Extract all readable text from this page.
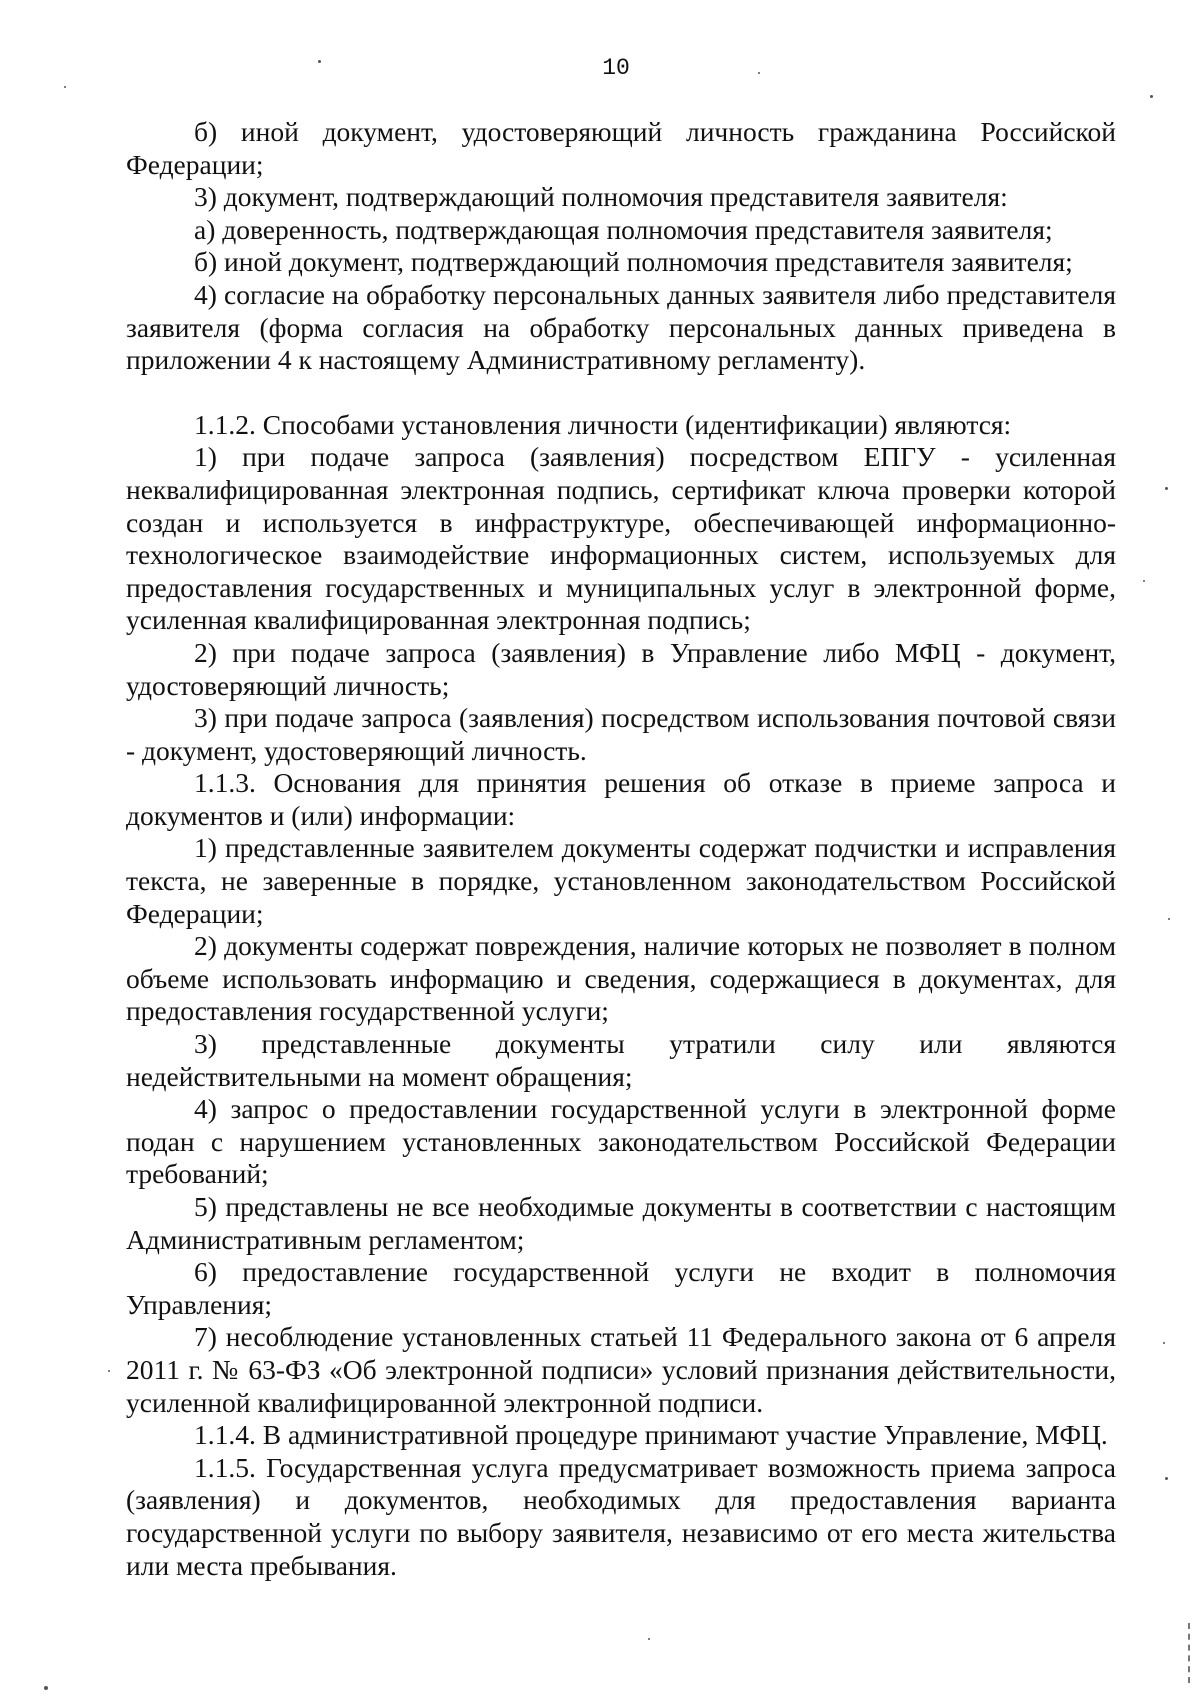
10

б) иной документ, удостоверяющий личность гражданина Российской Федерации;

3) документ, подтверждающий полномочия представителя заявителя:

а) доверенность, подтверждающая полномочия представителя заявителя;

б) иной документ, подтверждающий полномочия представителя заявителя;

4) согласие на обработку персональных данных заявителя либо представителя заявителя (форма согласия на обработку персональных данных приведена в приложении 4 к настоящему Административному регламенту).

1.1.2. Способами установления личности (идентификации) являются:

1) при подаче запроса (заявления) посредством ЕПГУ - усиленная неквалифицированная электронная подпись, сертификат ключа проверки которой создан и используется в инфраструктуре, обеспечивающей информационно-технологическое взаимодействие информационных систем, используемых для предоставления государственных и муниципальных услуг в электронной форме, усиленная квалифицированная электронная подпись;

2) при подаче запроса (заявления) в Управление либо МФЦ - документ, удостоверяющий личность;

3) при подаче запроса (заявления) посредством использования почтовой связи - документ, удостоверяющий личность.

1.1.3. Основания для принятия решения об отказе в приеме запроса и документов и (или) информации:

1) представленные заявителем документы содержат подчистки и исправления текста, не заверенные в порядке, установленном законодательством Российской Федерации;

2) документы содержат повреждения, наличие которых не позволяет в полном объеме использовать информацию и сведения, содержащиеся в документах, для предоставления государственной услуги;

3) представленные документы утратили силу или являются недействительными на момент обращения;

4) запрос о предоставлении государственной услуги в электронной форме подан с нарушением установленных законодательством Российской Федерации требований;

5) представлены не все необходимые документы в соответствии с настоящим Административным регламентом;

6) предоставление государственной услуги не входит в полномочия Управления;

7) несоблюдение установленных статьей 11 Федерального закона от 6 апреля 2011 г. № 63-ФЗ «Об электронной подписи» условий признания действительности, усиленной квалифицированной электронной подписи.

1.1.4. В административной процедуре принимают участие Управление, МФЦ.

1.1.5. Государственная услуга предусматривает возможность приема запроса (заявления) и документов, необходимых для предоставления варианта государственной услуги по выбору заявителя, независимо от его места жительства или места пребывания.
